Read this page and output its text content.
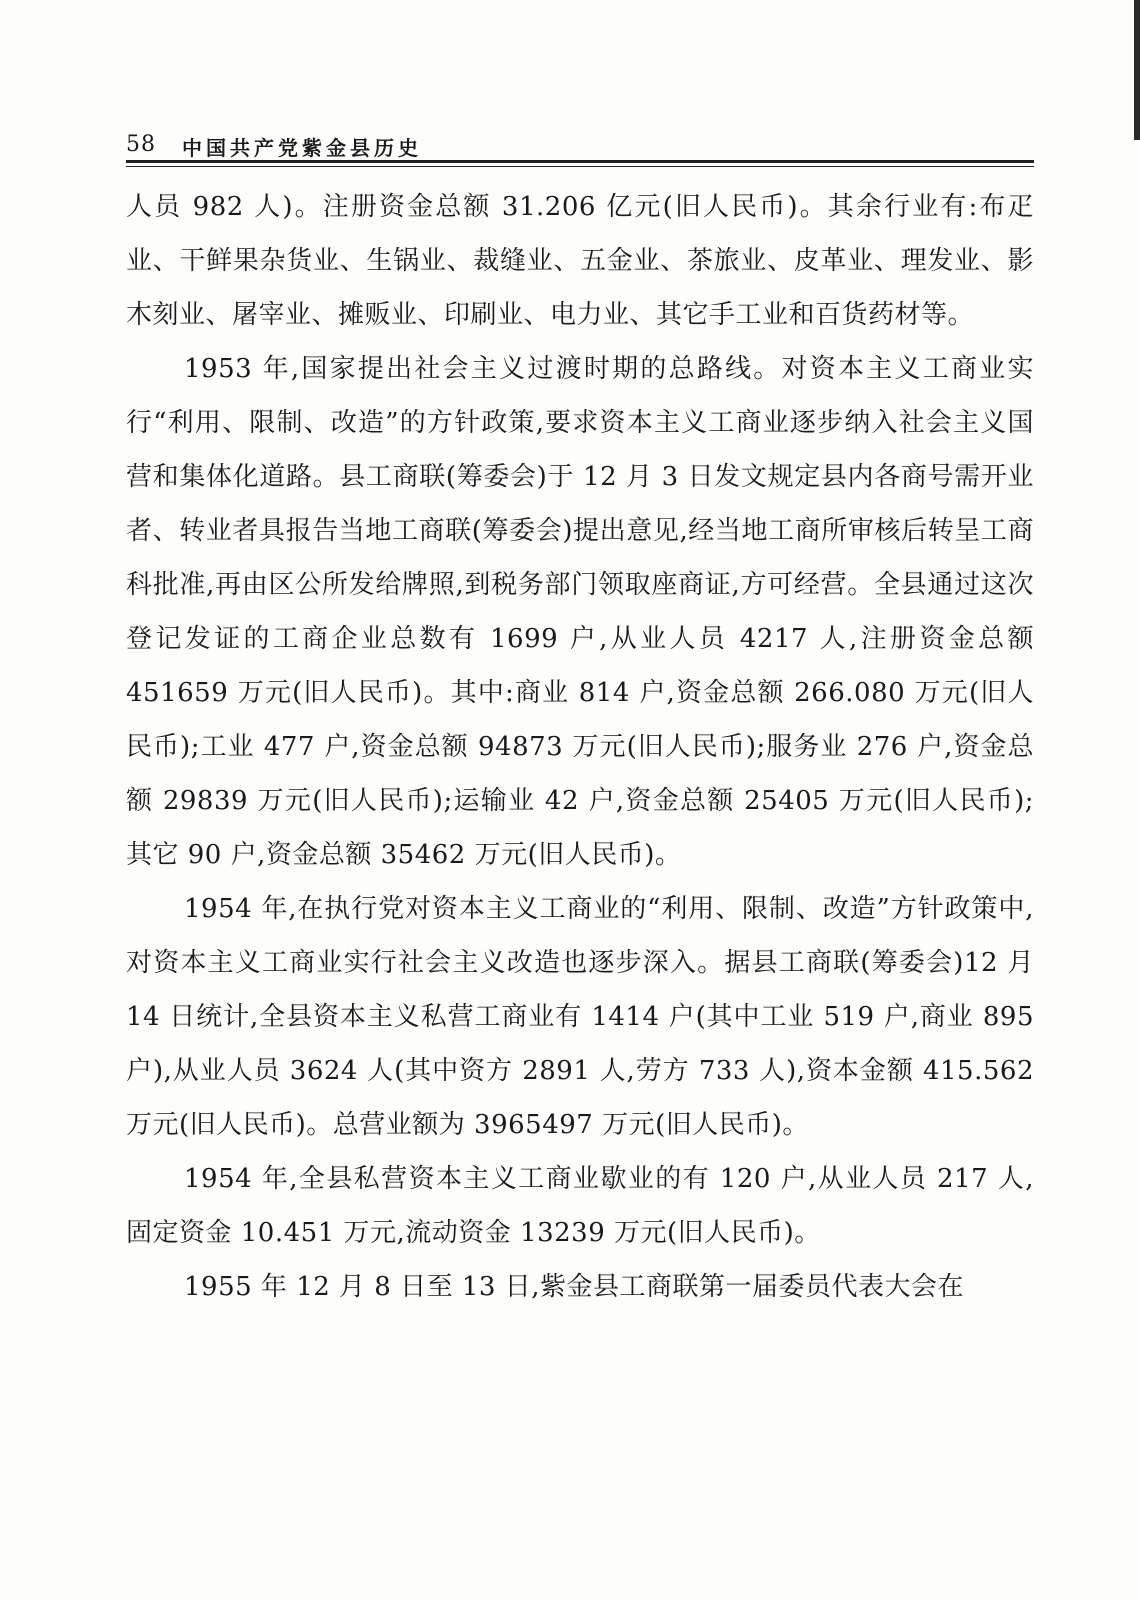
58 中国共产党紫金县历史

人员 982 人)。注册资金总额 31.206 亿元(旧人民币)。其余行业有:布疋业、干鲜果杂货业、生锅业、裁缝业、五金业、茶旅业、皮革业、理发业、影木刻业、屠宰业、摊贩业、印刷业、电力业、其它手工业和百货药材等。

1953 年,国家提出社会主义过渡时期的总路线。对资本主义工商业实行“利用、限制、改造”的方针政策,要求资本主义工商业逐步纳入社会主义国营和集体化道路。县工商联(筹委会)于 12 月 3 日发文规定县内各商号需开业者、转业者具报告当地工商联(筹委会)提出意见,经当地工商所审核后转呈工商科批准,再由区公所发给牌照,到税务部门领取座商证,方可经营。全县通过这次登记发证的工商企业总数有 1699 户,从业人员 4217 人,注册资金总额 451659 万元(旧人民币)。其中:商业 814 户,资金总额 266.080 万元(旧人民币);工业 477 户,资金总额 94873 万元(旧人民币);服务业 276 户,资金总额 29839 万元(旧人民币);运输业 42 户,资金总额 25405 万元(旧人民币);其它 90 户,资金总额 35462 万元(旧人民币)。

1954 年,在执行党对资本主义工商业的“利用、限制、改造”方针政策中,对资本主义工商业实行社会主义改造也逐步深入。据县工商联(筹委会)12 月 14 日统计,全县资本主义私营工商业有 1414 户(其中工业 519 户,商业 895 户),从业人员 3624 人(其中资方 2891 人,劳方 733 人),资本金额 415.562 万元(旧人民币)。总营业额为 3965497 万元(旧人民币)。

1954 年,全县私营资本主义工商业歇业的有 120 户,从业人员 217 人,固定资金 10.451 万元,流动资金 13239 万元(旧人民币)。

1955 年 12 月 8 日至 13 日,紫金县工商联第一届委员代表大会在
